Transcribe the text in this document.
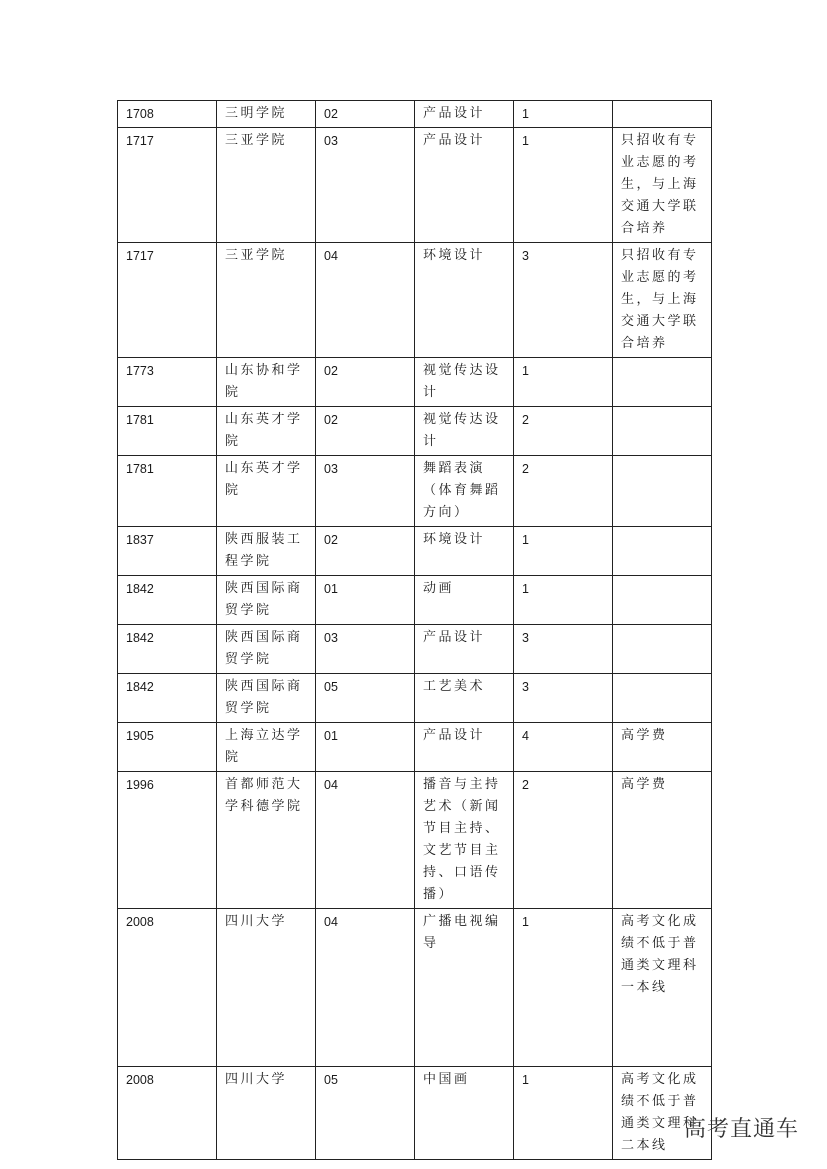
1708	三明学院	02	产品设计	1	
1717	三亚学院	03	产品设计	1	只招收有专业志愿的考生，与上海交通大学联合培养
1717	三亚学院	04	环境设计	3	只招收有专业志愿的考生，与上海交通大学联合培养
1773	山东协和学院	02	视觉传达设计	1	
1781	山东英才学院	02	视觉传达设计	2	
1781	山东英才学院	03	舞蹈表演（体育舞蹈方向）	2	
1837	陕西服装工程学院	02	环境设计	1	
1842	陕西国际商贸学院	01	动画	1	
1842	陕西国际商贸学院	03	产品设计	3	
1842	陕西国际商贸学院	05	工艺美术	3	
1905	上海立达学院	01	产品设计	4	高学费
1996	首都师范大学科德学院	04	播音与主持艺术（新闻节目主持、文艺节目主持、口语传播）	2	高学费
2008	四川大学	04	广播电视编导	1	高考文化成绩不低于普通类文理科一本线
2008	四川大学	05	中国画	1	高考文化成绩不低于普通类文理科二本线
高考直通车
